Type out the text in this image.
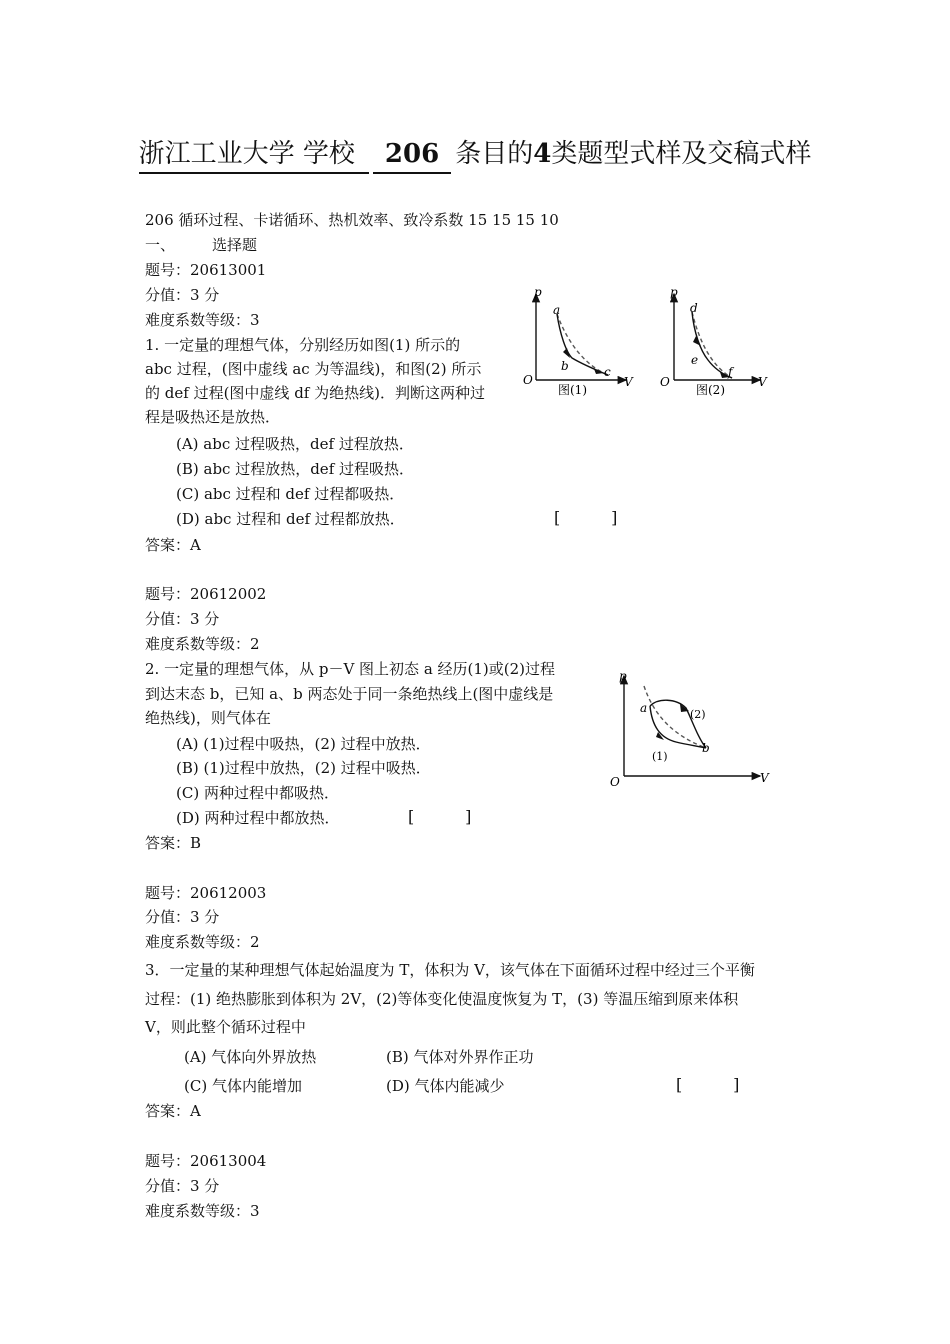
浙江工业大学 学校 206 条目的4类题型式样及交稿式样
206 循环过程、卡诺循环、热机效率、致冷系数 15 15 15 10
一、 选择题
题号：20613001
分值：3 分
难度系数等级：3
1. 一定量的理想气体，分别经历如图(1) 所示的
abc 过程，(图中虚线 ac 为等温线)，和图(2) 所示
的 def 过程(图中虚线 df 为绝热线)．判断这两种过
程是吸热还是放热．
(A) abc 过程吸热，def 过程放热．
(B) abc 过程放热，def 过程吸热．
(C) abc 过程和 def 过程都吸热．
(D) abc 过程和 def 过程都放热．	[          ]
答案：A
p
V
O
a
b	c
图(1)
p
V
O
d
e
f
图(2)
题号：20612002
分值：3 分
难度系数等级：2
2. 一定量的理想气体，从 p－V 图上初态 a 经历(1)或(2)过程
到达末态 b，已知 a、b 两态处于同一条绝热线上(图中虚线是
绝热线)，则气体在
(A) (1)过程中吸热，(2) 过程中放热．
(B) (1)过程中放热，(2) 过程中吸热．
(C) 两种过程中都吸热．
(D) 两种过程中都放热．	[          ]
答案：B
p
V
O
a
b
(1)
(2)
题号：20612003
分值：3 分
难度系数等级：2
3．一定量的某种理想气体起始温度为 T，体积为 V，该气体在下面循环过程中经过三个平衡
过程：(1) 绝热膨胀到体积为 2V，(2)等体变化使温度恢复为 T，(3) 等温压缩到原来体积
V，则此整个循环过程中
(A) 气体向外界放热	(B) 气体对外界作正功
(C) 气体内能增加	(D) 气体内能减少	[          ]
答案：A
题号：20613004
分值：3 分
难度系数等级：3
